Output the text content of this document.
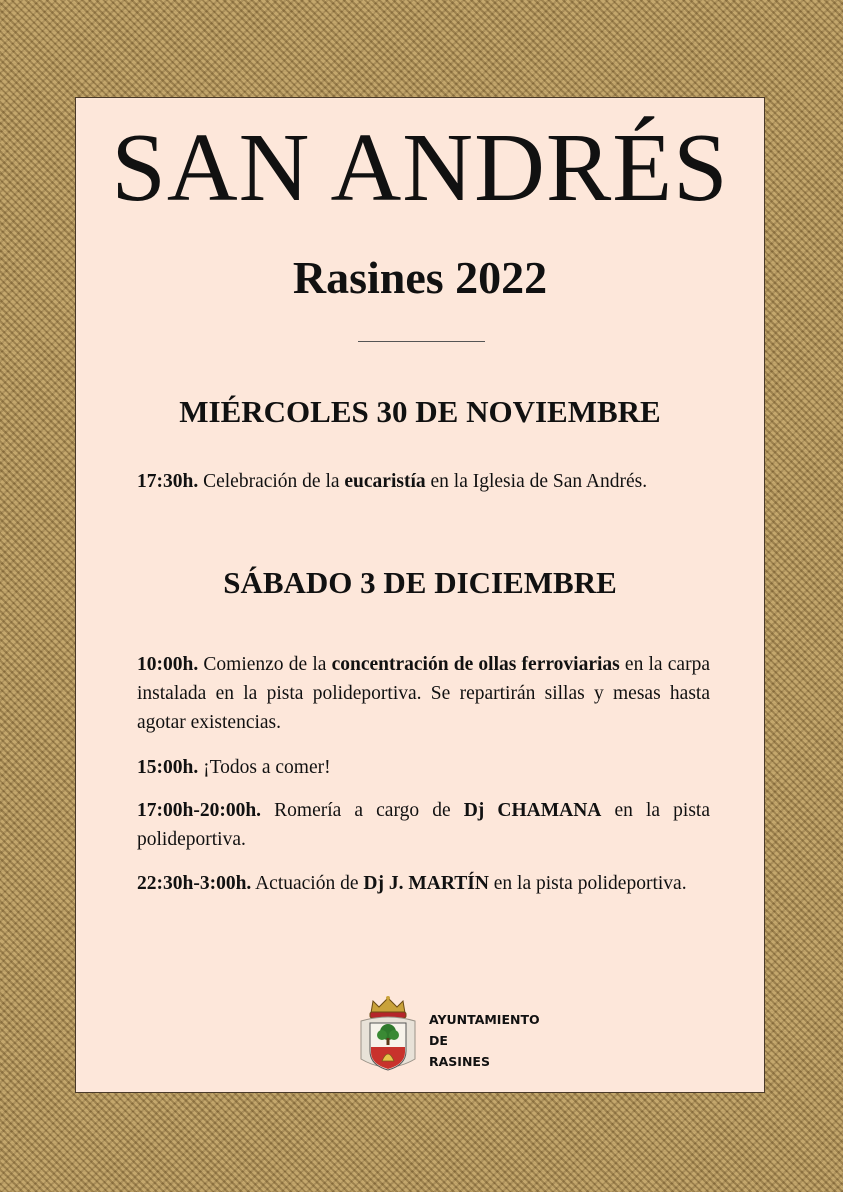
SAN ANDRÉS
Rasines 2022
MIÉRCOLES 30 DE NOVIEMBRE

17:30h. Celebración de la eucaristía en la Iglesia de San Andrés.

SÁBADO 3 DE DICIEMBRE

10:00h. Comienzo de la concentración de ollas ferroviarias en la carpa instalada en la pista polideportiva. Se repartirán sillas y mesas hasta agotar existencias.

15:00h. ¡Todos a comer!

17:00h-20:00h. Romería a cargo de Dj CHAMANA en la pista polideportiva.

22:30h-3:00h. Actuación de Dj J. MARTÍN en la pista polideportiva.

AYUNTAMIENTO
DE
RASINES
